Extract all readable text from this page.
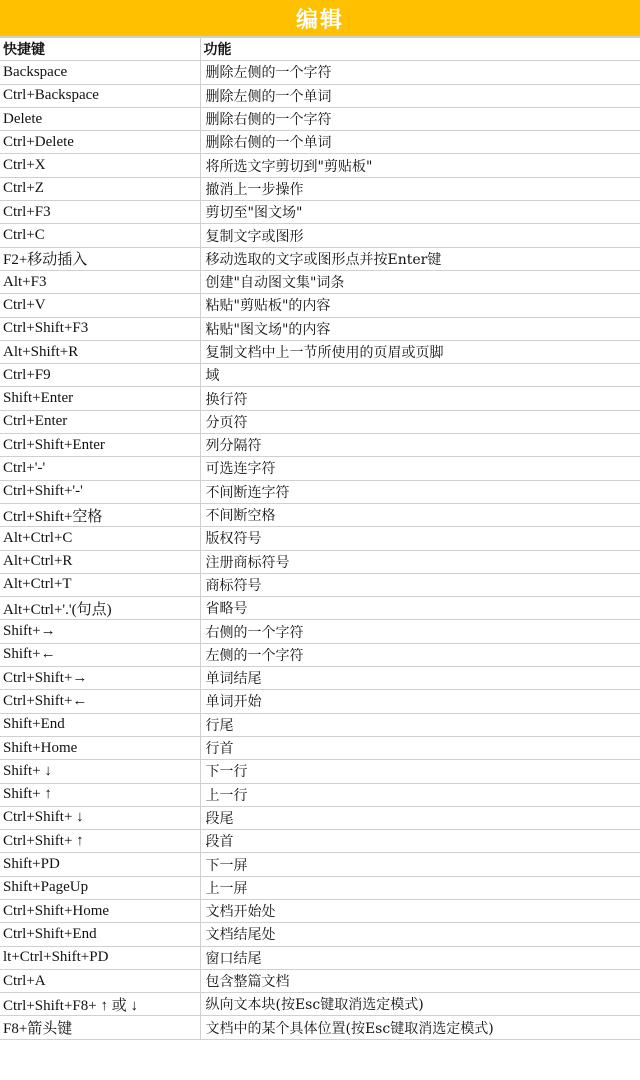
编辑
快捷键	功能
Backspace	删除左侧的一个字符
Ctrl+Backspace	删除左侧的一个单词
Delete	删除右侧的一个字符
Ctrl+Delete	删除右侧的一个单词
Ctrl+X	将所选文字剪切到"剪贴板"
Ctrl+Z	撤消上一步操作
Ctrl+F3	剪切至"图文场"
Ctrl+C	复制文字或图形
F2+移动插入	移动选取的文字或图形点并按Enter键
Alt+F3	创建"自动图文集"词条
Ctrl+V	粘贴"剪贴板"的内容
Ctrl+Shift+F3	粘贴"图文场"的内容
Alt+Shift+R	复制文档中上一节所使用的页眉或页脚
Ctrl+F9	域
Shift+Enter	换行符
Ctrl+Enter	分页符
Ctrl+Shift+Enter	列分隔符
Ctrl+'-'	可选连字符
Ctrl+Shift+'-'	不间断连字符
Ctrl+Shift+空格	不间断空格
Alt+Ctrl+C	版权符号
Alt+Ctrl+R	注册商标符号
Alt+Ctrl+T	商标符号
Alt+Ctrl+'.'(句点)	省略号
Shift+→	右侧的一个字符
Shift+←	左侧的一个字符
Ctrl+Shift+→	单词结尾
Ctrl+Shift+←	单词开始
Shift+End	行尾
Shift+Home	行首
Shift+ ↓	下一行
Shift+ ↑	上一行
Ctrl+Shift+ ↓	段尾
Ctrl+Shift+ ↑	段首
Shift+PD	下一屏
Shift+PageUp	上一屏
Ctrl+Shift+Home	文档开始处
Ctrl+Shift+End	文档结尾处
lt+Ctrl+Shift+PD	窗口结尾
Ctrl+A	包含整篇文档
Ctrl+Shift+F8+ ↑ 或 ↓	纵向文本块(按Esc键取消选定模式)
F8+箭头键	文档中的某个具体位置(按Esc键取消选定模式)
